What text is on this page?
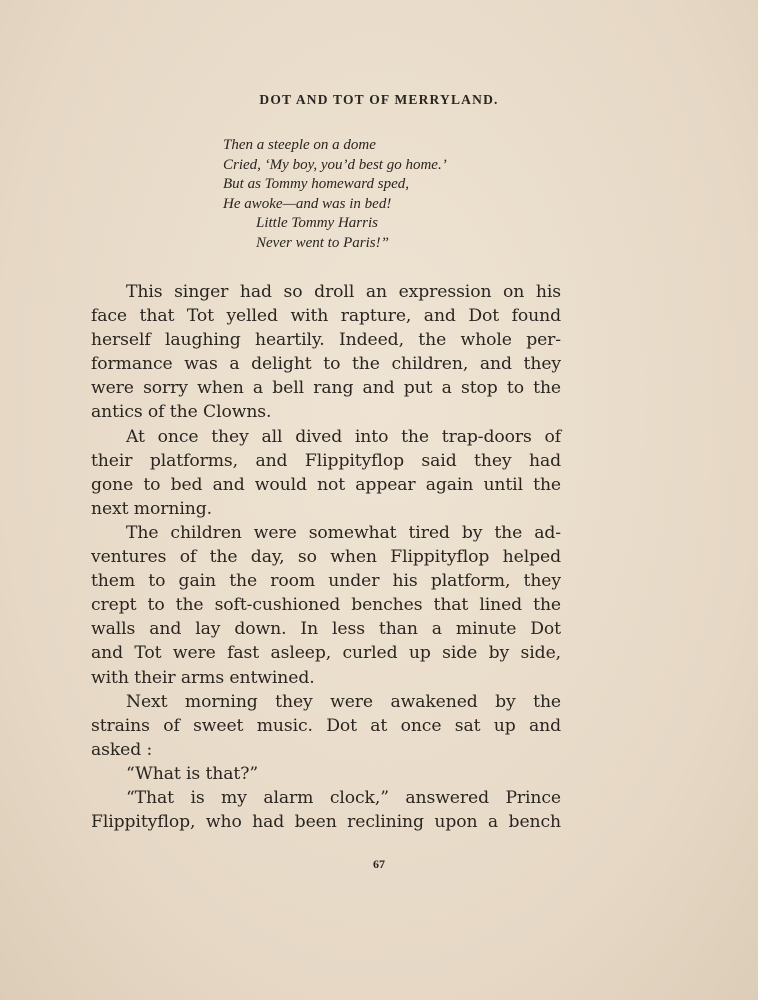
DOT AND TOT OF MERRYLAND.
Then a steeple on a dome
Cried, ‘My boy, you’d best go home.’
But as Tommy homeward sped,
He awoke—and was in bed!
Little Tommy Harris
Never went to Paris!”
This singer had so droll an expression on his
face that Tot yelled with rapture, and Dot found
herself laughing heartily. Indeed, the whole per-
formance was a delight to the children, and they
were sorry when a bell rang and put a stop to the
antics of the Clowns.
At once they all dived into the trap-doors of
their platforms, and Flippityflop said they had
gone to bed and would not appear again until the
next morning.
The children were somewhat tired by the ad-
ventures of the day, so when Flippityflop helped
them to gain the room under his platform, they
crept to the soft-cushioned benches that lined the
walls and lay down. In less than a minute Dot
and Tot were fast asleep, curled up side by side,
with their arms entwined.
Next morning they were awakened by the
strains of sweet music. Dot at once sat up and
asked :
“What is that?”
“That is my alarm clock,” answered Prince
Flippityflop, who had been reclining upon a bench
67
